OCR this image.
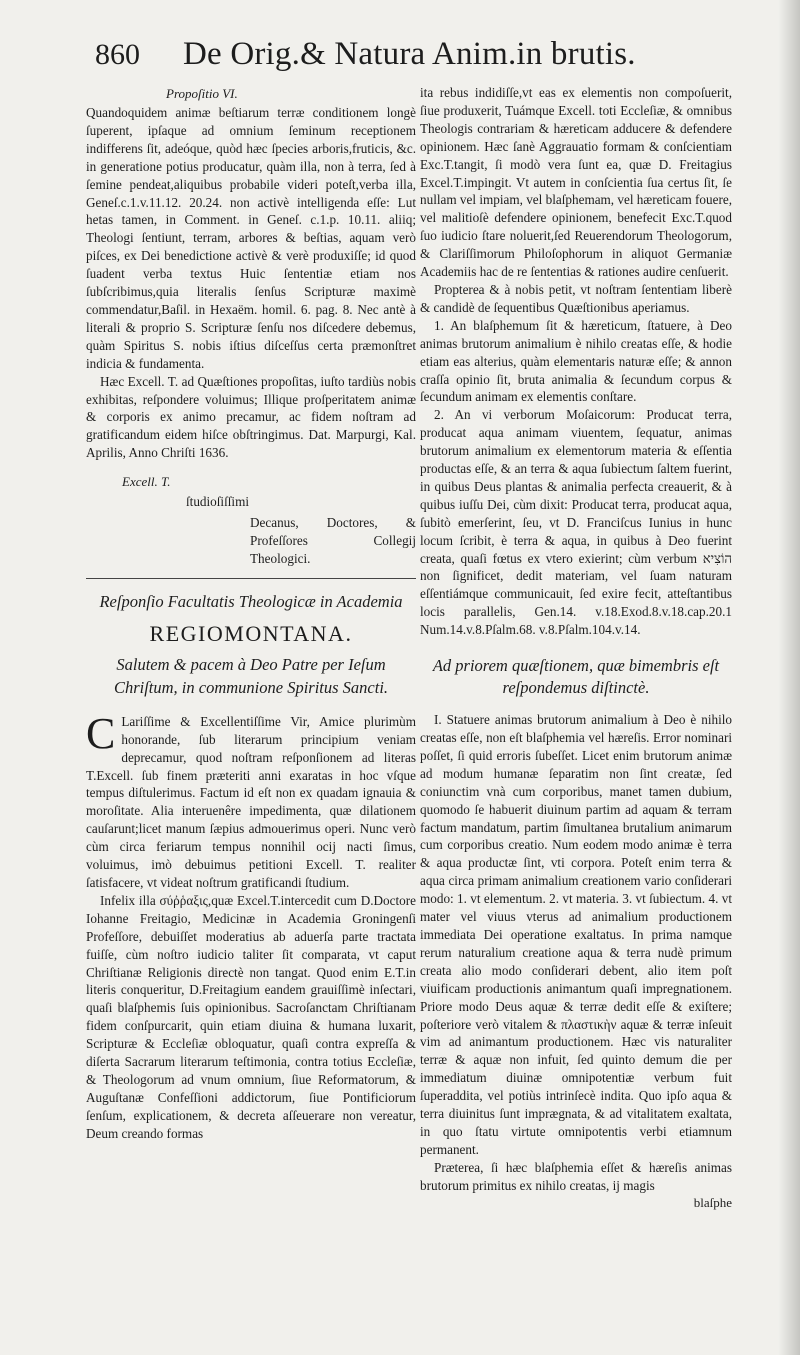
860 De Orig.& Natura Anim.in brutis.

Propoſitio VI.

Quandoquidem animæ beſtiarum terræ conditionem longè ſuperent, ipſaque ad omnium ſeminum receptionem indifferens ſit, adeóque, quòd hæc ſpecies arboris,fruticis, &c. in generatione potius producatur, quàm illa, non à terra, ſed à ſemine pendeat,aliquibus probabile videri poteſt,verba illa, Geneſ.c.1.v.11.12. 20.24. non activè intelligenda eſſe: Lut hetas tamen, in Comment. in Geneſ. c.1.p. 10.11. aliiq; Theologi ſentiunt, terram, arbores & beſtias, aquam verò piſces, ex Dei benedictione activè & verè produxiſſe; id quod ſuadent verba textus Huic ſententiæ etiam nos ſubſcribimus,quia literalis ſenſus Scripturæ maximè commendatur,Baſil. in Hexaëm. homil. 6. pag. 8. Nec antè à literali & proprio S. Scripturæ ſenſu nos diſcedere debemus, quàm Spiritus S. nobis iſtius diſceſſus certa præmonſtret indicia & fundamenta.

Hæc Excell. T. ad Quæſtiones propoſitas, iuſto tardiùs nobis exhibitas, reſpondere voluimus; Illique proſperitatem animæ & corporis ex animo precamur, ac fidem noſtram ad gratificandum eidem hiſce obſtringimus. Dat. Marpurgi, Kal. Aprilis, Anno Chriſti 1636.

Excell. T.

ſtudioſiſſimi

Decanus, Doctores, & Profeſſores Collegij Theologici.

Reſponſio Facultatis Theologicæ in Academia

REGIOMONTANA.

Salutem & pacem à Deo Patre per Ieſum Chriſtum, in communione Spiritus Sancti.

C Lariſſime & Excellentiſſime Vir, Amice plurimùm honorande, ſub literarum principium veniam deprecamur, quod noſtram reſponſionem ad literas T.Excell. ſub finem præteriti anni exaratas in hoc vſque tempus diſtulerimus. Factum id eſt non ex quadam ignauia & moroſitate. Alia interuenêre impedimenta, quæ dilationem cauſarunt;licet manum ſæpius admouerimus operi. Nunc verò cùm circa feriarum tempus nonnihil ocij nacti ſimus, voluimus, imò debuimus petitioni Excell. T. realiter ſatisfacere, vt videat noſtrum gratificandi ſtudium.

Infelix illa σύῤῥαξις,quæ Excel.T.intercedit cum D.Doctore Iohanne Freitagio, Medicinæ in Academia Groningenſi Profeſſore, debuiſſet moderatius ab aduerſa parte tractata fuiſſe, cùm noſtro iudicio taliter ſit comparata, vt caput Chriſtianæ Religionis directè non tangat. Quod enim E.T.in literis conqueritur, D.Freitagium eandem grauiſſimè inſectari, quaſi blaſphemis ſuis opinionibus. Sacroſanctam Chriſtianam fidem conſpurcarit, quin etiam diuina & humana luxarit, Scripturæ & Eccleſiæ obloquatur, quaſi contra expreſſa & diſerta Sacrarum literarum teſtimonia, contra totius Eccleſiæ, & Theologorum ad vnum omnium, ſiue Reformatorum, & Auguſtanæ Confeſſioni addictorum, ſiue Pontificiorum ſenſum, explicationem, & decreta aſſeuerare non vereatur, Deum creando formas

ita rebus indidiſſe,vt eas ex elementis non compoſuerit, ſiue produxerit, Tuámque Excell. toti Eccleſiæ, & omnibus Theologis contrariam & hæreticam adducere & defendere opinionem. Hæc ſanè Aggrauatio formam & conſcientiam Exc.T.tangit, ſi modò vera ſunt ea, quæ D. Freitagius Excel.T.impingit. Vt autem in conſcientia ſua certus ſit, ſe nullam vel impiam, vel blaſphemam, vel hæreticam fouere, vel malitioſè defendere opinionem, benefecit Exc.T.quod ſuo iudicio ſtare noluerit,ſed Reuerendorum Theologorum, & Clariſſimorum Philoſophorum in aliquot Germaniæ Academiis hac de re ſententias & rationes audire cenſuerit.

Propterea & à nobis petit, vt noſtram ſententiam liberè & candidè de ſequentibus Quæſtionibus aperiamus.

1. An blaſphemum ſit & hæreticum, ſtatuere, à Deo animas brutorum animalium è nihilo creatas eſſe, & hodie etiam eas alterius, quàm elementaris naturæ eſſe; & annon craſſa opinio ſit, bruta animalia & ſecundum corpus & ſecundum animam ex elementis conſtare.

2. An vi verborum Moſaicorum: Producat terra, producat aqua animam viuentem, ſequatur, animas brutorum animalium ex elementorum materia & eſſentia productas eſſe, & an terra & aqua ſubiectum ſaltem fuerint, in quibus Deus plantas & animalia perfecta creauerit, & à quibus iuſſu Dei, cùm dixit: Producat terra, producat aqua, ſubitò emerſerint, ſeu, vt D. Franciſcus Iunius in hunc locum ſcribit, è terra & aqua, in quibus à Deo fuerint creata, quaſi fœtus ex vtero exierint; cùm verbum הוֹצִיא non ſignificet, dedit materiam, vel ſuam naturam eſſentiámque communicauit, ſed exire fecit, atteſtantibus locis parallelis, Gen.14. v.18.Exod.8.v.18.cap.20.1 Num.14.v.8.Pſalm.68. v.8.Pſalm.104.v.14.

Ad priorem quæſtionem, quæ bimembris eſt reſpondemus diſtinctè.

I. Statuere animas brutorum animalium à Deo è nihilo creatas eſſe, non eſt blaſphemia vel hæreſis. Error nominari poſſet, ſi quid erroris ſubeſſet. Licet enim brutorum animæ ad modum humanæ ſeparatim non ſint creatæ, ſed coniunctim vnà cum corporibus, manet tamen dubium, quomodo ſe habuerit diuinum partim ad aquam & terram factum mandatum, partim ſimultanea brutalium animarum cum corporibus creatio. Num eodem modo animæ è terra & aqua productæ ſint, vti corpora. Poteſt enim terra & aqua circa primam animalium creationem vario conſiderari modo: 1. vt elementum. 2. vt materia. 3. vt ſubiectum. 4. vt mater vel viuus vterus ad animalium productionem immediata Dei operatione exaltatus. In prima namque rerum naturalium creatione aqua & terra nudè primum creata alio modo conſiderari debent, alio item poſt viuificam productionis animantum quaſi impregnationem. Priore modo Deus aquæ & terræ dedit eſſe & exiſtere; poſteriore verò vitalem & πλαστικὴν aquæ & terræ inſeuit vim ad animantum productionem. Hæc vis naturaliter terræ & aquæ non infuit, ſed quinto demum die per immediatum diuinæ omnipotentiæ verbum fuit ſuperaddita, vel potiùs intrinſecè indita. Quo ipſo aqua & terra diuinitus ſunt imprægnata, & ad vitalitatem exaltata, in quo ſtatu virtute omnipotentis verbi etiamnum permanent.

Præterea, ſi hæc blaſphemia eſſet & hæreſis animas brutorum primitus ex nihilo creatas, ij magis

blaſphe
